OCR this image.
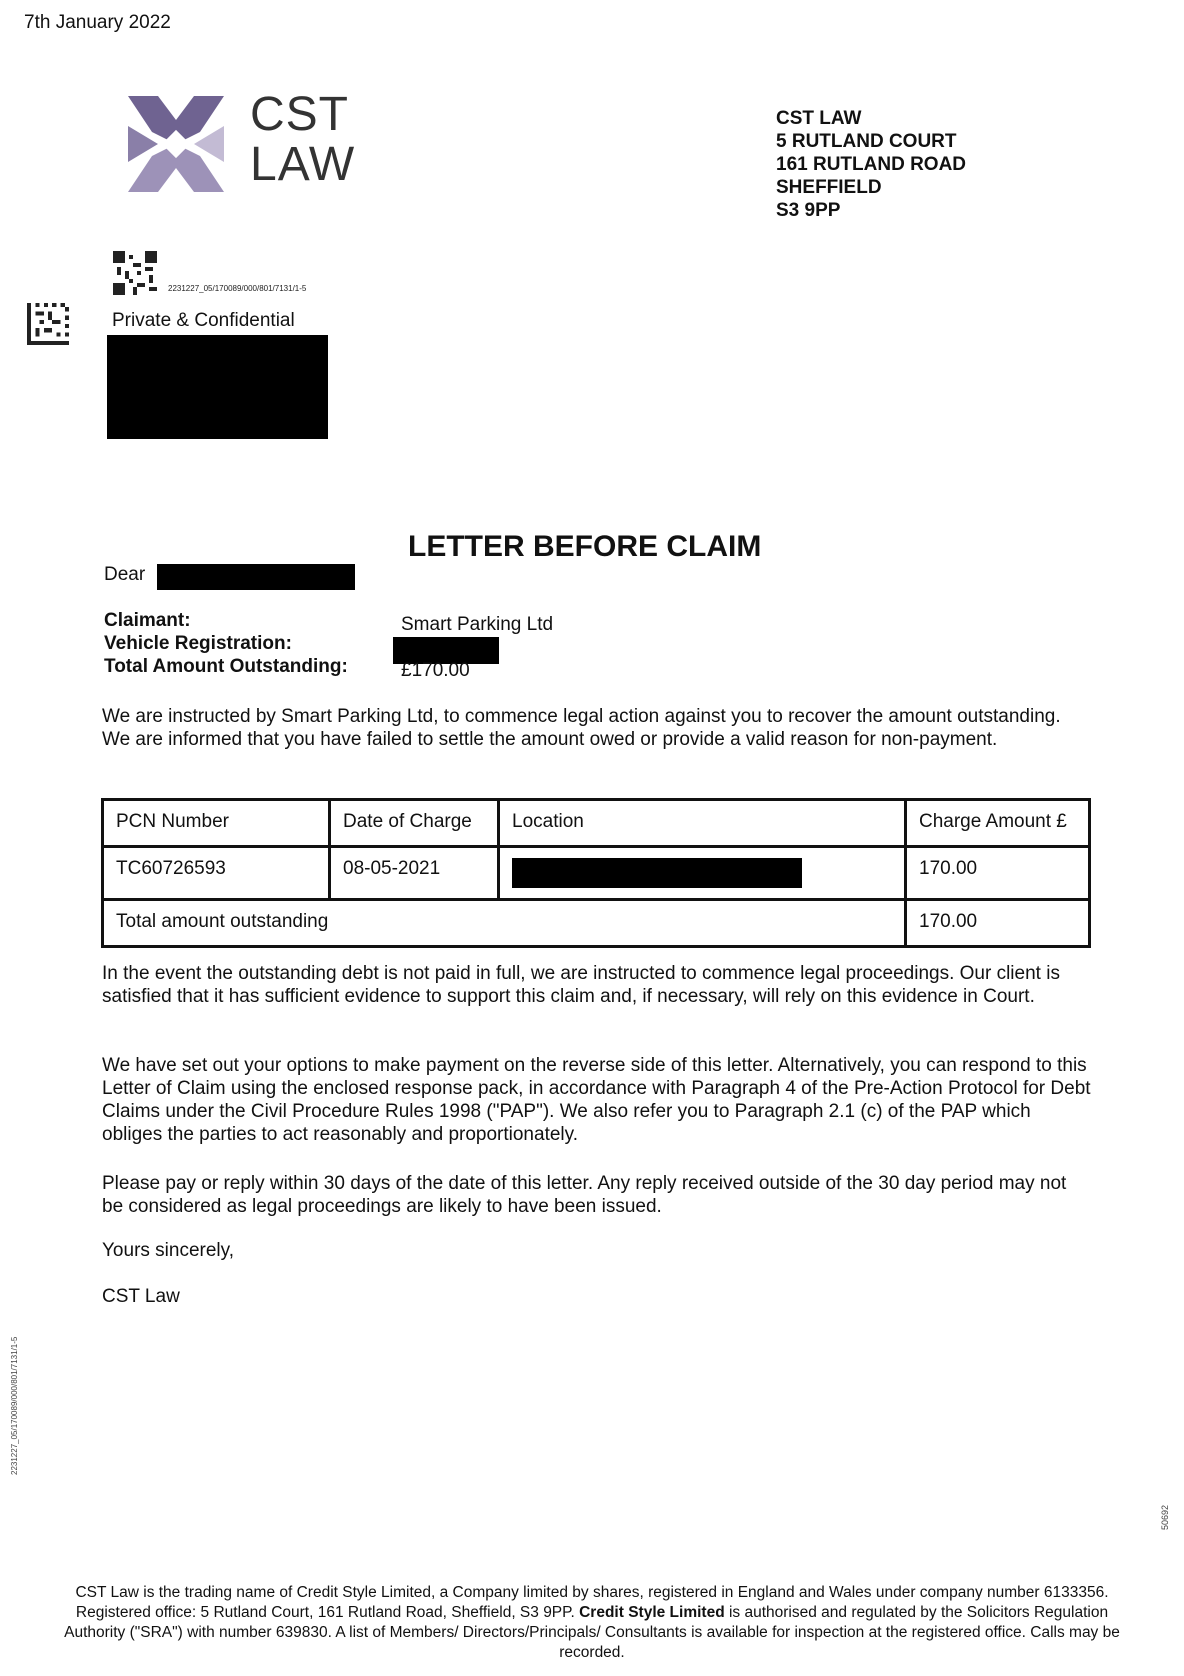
7th January 2022
CST
LAW
CST LAW
5 RUTLAND COURT
161 RUTLAND ROAD
SHEFFIELD
S3 9PP
2231227_05/170089/000/801/7131/1-5
Private & Confidential
LETTER BEFORE CLAIM
Dear
Claimant:	Smart Parking Ltd
Vehicle Registration:
Total Amount Outstanding:	£170.00
We are instructed by Smart Parking Ltd, to commence legal action against you to recover the amount outstanding. We are informed that you have failed to settle the amount owed or provide a valid reason for non-payment.
PCN Number	Date of Charge	Location	Charge Amount £
TC60726593	08-05-2021		170.00
Total amount outstanding			170.00
In the event the outstanding debt is not paid in full, we are instructed to commence legal proceedings. Our client is satisfied that it has sufficient evidence to support this claim and, if necessary, will rely on this evidence in Court.
We have set out your options to make payment on the reverse side of this letter. Alternatively, you can respond to this Letter of Claim using the enclosed response pack, in accordance with Paragraph 4 of the Pre-Action Protocol for Debt Claims under the Civil Procedure Rules 1998 ("PAP"). We also refer you to Paragraph 2.1 (c) of the PAP which obliges the parties to act reasonably and proportionately.
Please pay or reply within 30 days of the date of this letter. Any reply received outside of the 30 day period may not be considered as legal proceedings are likely to have been issued.
Yours sincerely,
CST Law
2231227_05/170089/000/801/7131/1-5
50692
CST Law is the trading name of Credit Style Limited, a Company limited by shares, registered in England and Wales under company number 6133356. Registered office: 5 Rutland Court, 161 Rutland Road, Sheffield, S3 9PP. Credit Style Limited is authorised and regulated by the Solicitors Regulation Authority ("SRA") with number 639830. A list of Members/ Directors/Principals/ Consultants is available for inspection at the registered office. Calls may be recorded.
